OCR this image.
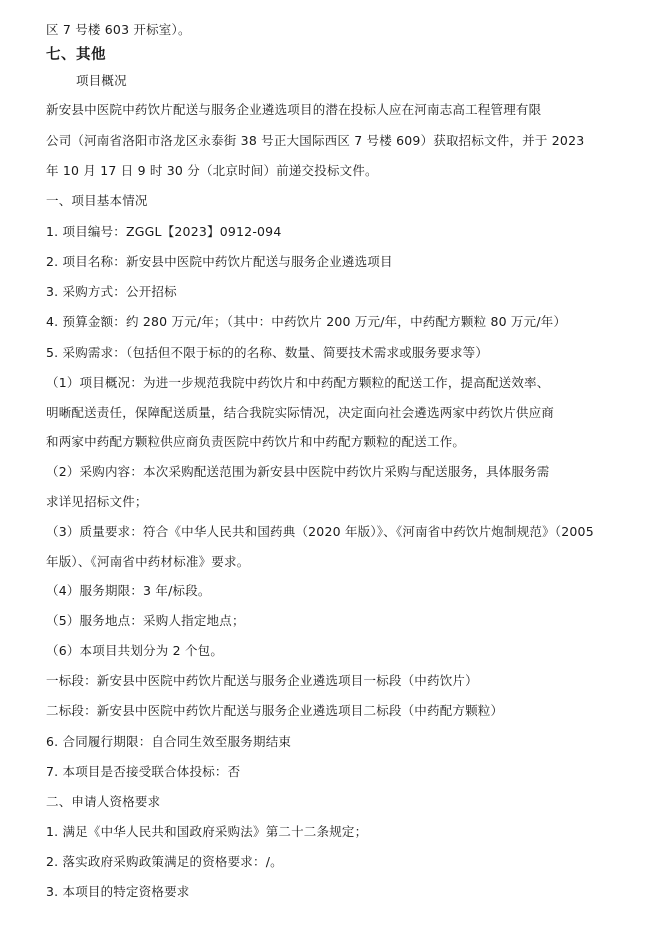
区 7 号楼 603 开标室）。
七、其他
项目概况
新安县中医院中药饮片配送与服务企业遴选项目的潜在投标人应在河南志高工程管理有限
公司（河南省洛阳市洛龙区永泰街 38 号正大国际西区 7 号楼 609）获取招标文件，并于 2023
年 10 月 17 日 9 时 30 分（北京时间）前递交投标文件。
一、项目基本情况
1. 项目编号：ZGGL【2023】0912-094
2. 项目名称：新安县中医院中药饮片配送与服务企业遴选项目
3. 采购方式：公开招标
4. 预算金额：约 280 万元/年；（其中：中药饮片 200 万元/年，中药配方颗粒 80 万元/年）
5. 采购需求：（包括但不限于标的的名称、数量、简要技术需求或服务要求等）
（1）项目概况：为进一步规范我院中药饮片和中药配方颗粒的配送工作，提高配送效率、
明晰配送责任，保障配送质量，结合我院实际情况，决定面向社会遴选两家中药饮片供应商
和两家中药配方颗粒供应商负责医院中药饮片和中药配方颗粒的配送工作。
（2）采购内容：本次采购配送范围为新安县中医院中药饮片采购与配送服务，具体服务需
求详见招标文件；
（3）质量要求：符合《中华人民共和国药典（2020 年版）》、《河南省中药饮片炮制规范》（2005
年版）、《河南省中药材标准》要求。
（4）服务期限：3 年/标段。
（5）服务地点：采购人指定地点；
（6）本项目共划分为 2 个包。
一标段：新安县中医院中药饮片配送与服务企业遴选项目一标段（中药饮片）
二标段：新安县中医院中药饮片配送与服务企业遴选项目二标段（中药配方颗粒）
6. 合同履行期限：自合同生效至服务期结束
7. 本项目是否接受联合体投标：否
二、申请人资格要求
1. 满足《中华人民共和国政府采购法》第二十二条规定；
2. 落实政府采购政策满足的资格要求：/。
3. 本项目的特定资格要求
